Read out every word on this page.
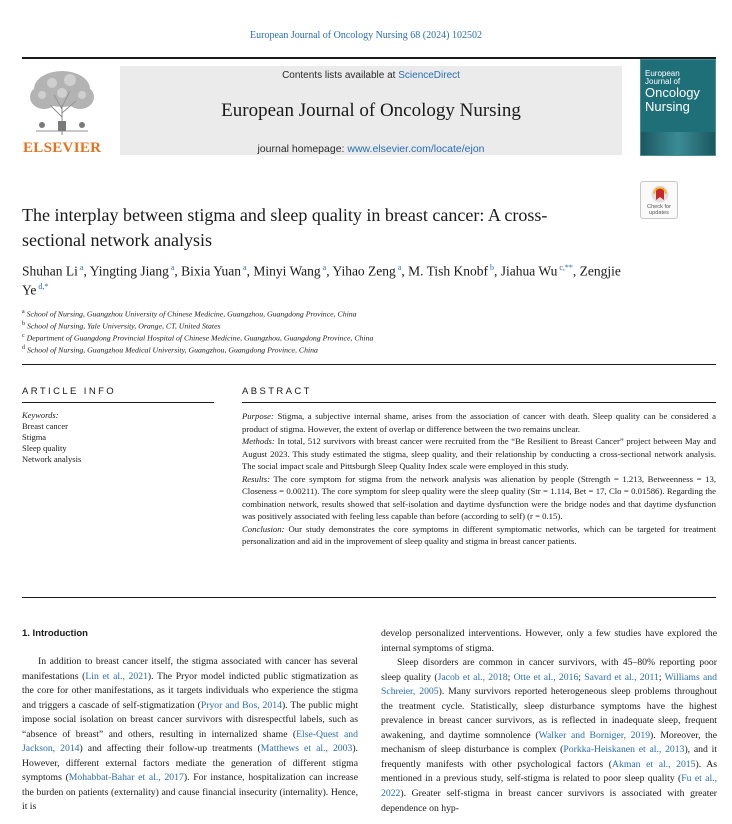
European Journal of Oncology Nursing 68 (2024) 102502
ELSEVIER
Contents lists available at ScienceDirect
European Journal of Oncology Nursing
journal homepage: www.elsevier.com/locate/ejon
European
Journal of
Oncology
Nursing
Check for
updates
The interplay between stigma and sleep quality in breast cancer: A cross-sectional network analysis
Shuhan Li $^a$, Yingting Jiang $^a$, Bixia Yuan $^a$, Minyi Wang $^a$, Yihao Zeng $^a$, M. Tish Knobf $^b$, Jiahua Wu $^{c,**}$, Zengjie Ye $^{d,*}$
$^a$ School of Nursing, Guangzhou University of Chinese Medicine, Guangzhou, Guangdong Province, China
$^b$ School of Nursing, Yale University, Orange, CT, United States
$^c$ Department of Guangdong Provincial Hospital of Chinese Medicine, Guangzhou, Guangdong Province, China
$^d$ School of Nursing, Guangzhou Medical University, Guangzhou, Guangdong Province, China
ARTICLE INFO	ABSTRACT
Keywords:
Breast cancer
Stigma
Sleep quality
Network analysis

Purpose: Stigma, a subjective internal shame, arises from the association of cancer with death. Sleep quality can be considered a product of stigma. However, the extent of overlap or difference between the two remains unclear.

Methods: In total, 512 survivors with breast cancer were recruited from the “Be Resilient to Breast Cancer” project between May and August 2023. This study estimated the stigma, sleep quality, and their relationship by conducting a cross-sectional network analysis. The social impact scale and Pittsburgh Sleep Quality Index scale were employed in this study.

Results: The core symptom for stigma from the network analysis was alienation by people (Strength = 1.213, Betweenness = 13, Closeness = 0.00211). The core symptom for sleep quality were the sleep quality (Str = 1.114, Bet = 17, Clo = 0.01586). Regarding the combination network, results showed that self-isolation and daytime dysfunction were the bridge nodes and that daytime dysfunction was positively associated with feeling less capable than before (according to self) (r = 0.15).

Conclusion: Our study demonstrates the core symptoms in different symptomatic networks, which can be targeted for treatment personalization and aid in the improvement of sleep quality and stigma in breast cancer patients.

1. Introduction
In addition to breast cancer itself, the stigma associated with cancer has several manifestations (Lin et al., 2021). The Pryor model indicted public stigmatization as the core for other manifestations, as it targets individuals who experience the stigma and triggers a cascade of self-stigmatization (Pryor and Bos, 2014). The public might impose social isolation on breast cancer survivors with disrespectful labels, such as “absence of breast” and others, resulting in internalized shame (Else-Quest and Jackson, 2014) and affecting their follow-up treatments (Matthews et al., 2003). However, different external factors mediate the generation of different stigma symptoms (Mohabbat-Bahar et al., 2017). For instance, hospitalization can increase the burden on patients (externality) and cause financial insecurity (internality). Hence, it is
develop personalized interventions. However, only a few studies have explored the internal symptoms of stigma.
Sleep disorders are common in cancer survivors, with 45–80% reporting poor sleep quality (Jacob et al., 2018; Otte et al., 2016; Savard et al., 2011; Williams and Schreier, 2005). Many survivors reported heterogeneous sleep problems throughout the treatment cycle. Statistically, sleep disturbance symptoms have the highest prevalence in breast cancer survivors, as is reflected in inadequate sleep, frequent awakening, and daytime somnolence (Walker and Borniger, 2019). Moreover, the mechanism of sleep disturbance is complex (Porkka-Heiskanen et al., 2013), and it frequently manifests with other psychological factors (Akman et al., 2015). As mentioned in a previous study, self-stigma is related to poor sleep quality (Fu et al., 2022). Greater self-stigma in breast cancer survivors is associated with greater dependence on hyp-
